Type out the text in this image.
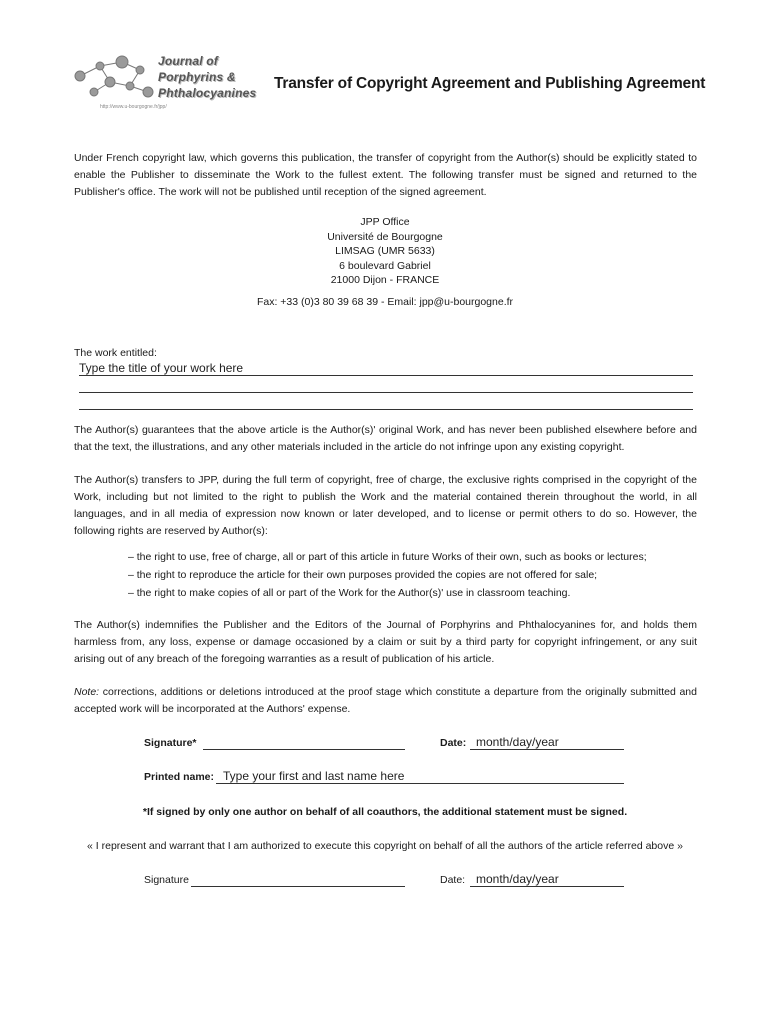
Journal of
Porphyrins &
Phthalocyanines
http://www.u-bourgogne.fr/jpp/
Transfer of Copyright Agreement and Publishing Agreement
Under French copyright law, which governs this publication, the transfer of copyright from the Author(s) should be explicitly stated to enable the Publisher to disseminate the Work to the fullest extent. The following transfer must be signed and returned to the Publisher's office. The work will not be published until reception of the signed agreement.
JPP Office
Université de Bourgogne
LIMSAG (UMR 5633)
6 boulevard Gabriel
21000 Dijon - FRANCE
Fax: +33 (0)3 80 39 68 39 - Email: jpp@u-bourgogne.fr
The work entitled:
Type the title of your work here
The Author(s) guarantees that the above article is the Author(s)' original Work, and has never been published elsewhere before and that the text, the illustrations, and any other materials included in the article do not infringe upon any existing copyright.
The Author(s) transfers to JPP, during the full term of copyright, free of charge, the exclusive rights comprised in the copyright of the Work, including but not limited to the right to publish the Work and the material contained therein throughout the world, in all languages, and in all media of expression now known or later developed, and to license or permit others to do so. However, the following rights are reserved by Author(s):
– the right to use, free of charge, all or part of this article in future Works of their own, such as books or lectures;
– the right to reproduce the article for their own purposes provided the copies are not offered for sale;
– the right to make copies of all or part of the Work for the Author(s)' use in classroom teaching.
The Author(s) indemnifies the Publisher and the Editors of the Journal of Porphyrins and Phthalocyanines for, and holds them harmless from, any loss, expense or damage occasioned by a claim or suit by a third party for copyright infringement, or any suit arising out of any breach of the foregoing warranties as a result of publication of his article.
Note: corrections, additions or deletions introduced at the proof stage which constitute a departure from the originally submitted and accepted work will be incorporated at the Authors' expense.
Signature*	Date: month/day/year
Printed name: Type your first and last name here
*If signed by only one author on behalf of all coauthors, the additional statement must be signed.
« I represent and warrant that I am authorized to execute this copyright on behalf of all the authors of the article referred above »
Signature	Date: month/day/year
